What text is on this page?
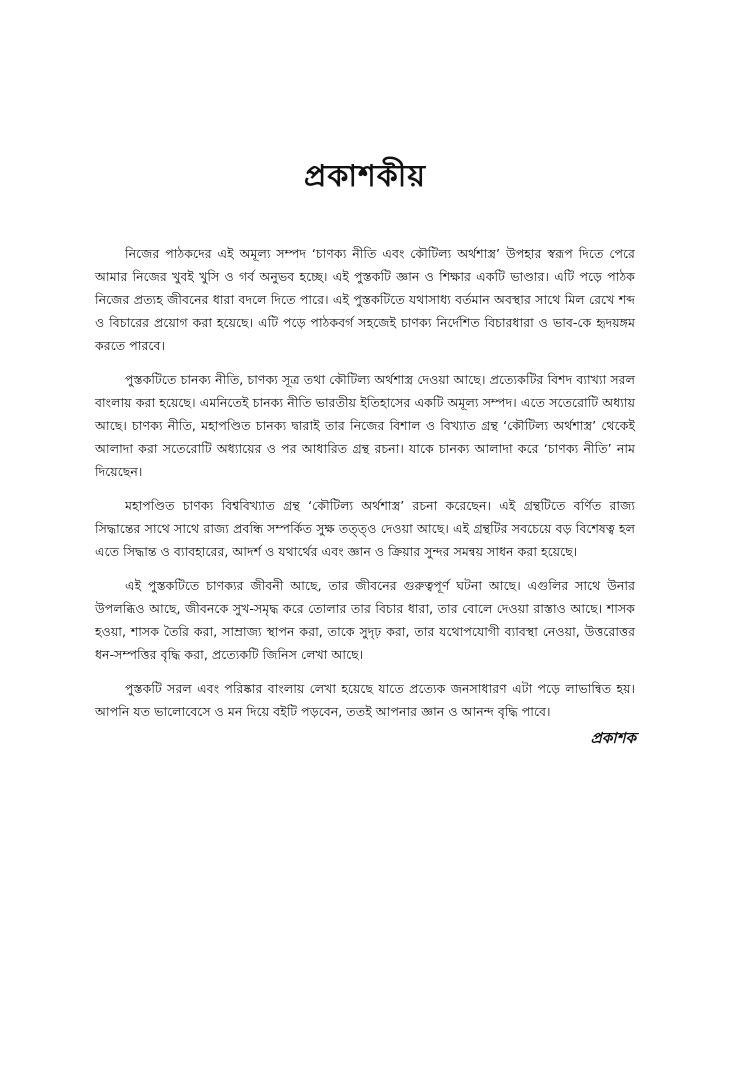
প্রকাশকীয়

নিজের পাঠকদের এই অমূল্য সম্পদ ‘চাণক্য নীতি এবং কৌটিল্য অর্থশাস্ত্র’ উপহার স্বরূপ দিতে পেরে আমার নিজের খুবই খুসি ও গর্ব অনুভব হচ্ছে। এই পুস্তকটি জ্ঞান ও শিক্ষার একটি ভাণ্ডার। এটি পড়ে পাঠক নিজের প্রত্যহ জীবনের ধারা বদলে দিতে পারে। এই পুস্তকটিতে যথাসাধ্য বর্তমান অবস্থার সাথে মিল রেখে শব্দ ও বিচারের প্রয়োগ করা হয়েছে। এটি পড়ে পাঠকবর্গ সহজেই চাণক্য নির্দেশিত বিচারধারা ও ভাব-কে হৃদয়ঙ্গম করতে পারবে।

পুস্তকটিতে চানক্য নীতি, চাণক্য সূত্র তথা কৌটিল্য অর্থশাস্ত্র দেওয়া আছে। প্রত্যেকটির বিশদ ব্যাখ্যা সরল বাংলায় করা হয়েছে। এমনিতেই চানক্য নীতি ভারতীয় ইতিহাসের একটি অমূল্য সম্পদ। এতে সতেরোটি অধ্যায় আছে। চাণক্য নীতি, মহাপণ্ডিত চানক্য দ্বারাই তার নিজের বিশাল ও বিখ্যাত গ্রন্থ ‘কৌটিল্য অর্থশাস্ত্র’ থেকেই আলাদা করা সতেরোটি অধ্যায়ের ও পর আধারিত গ্রন্থ রচনা। যাকে চানক্য আলাদা করে ‘চাণক্য নীতি’ নাম দিয়েছেন।

মহাপণ্ডিত চাণক্য বিশ্ববিখ্যাত গ্রন্থ ‘কৌটিল্য অর্থশাস্ত্র’ রচনা করেছেন। এই গ্রন্থটিতে বর্ণিত রাজ্য সিদ্ধান্তের সাথে সাথে রাজ্য প্রবন্ধি সম্পর্কিত সুক্ষ তত্ত্ও দেওয়া আছে। এই গ্রন্থটির সবচেয়ে বড় বিশেষত্ব হল এতে সিদ্ধান্ত ও ব্যাবহারের, আদর্শ ও যথার্থের এবং জ্ঞান ও ক্রিয়ার সুন্দর সমন্বয় সাধন করা হয়েছে।

এই পুস্তকটিতে চাণক্যর জীবনী আছে, তার জীবনের গুরুত্বপূর্ণ ঘটনা আছে। এগুলির সাথে উনার উপলব্ধিও আছে, জীবনকে সুখ-সমৃদ্ধ করে তোলার তার বিচার ধারা, তার বোলে দেওয়া রাস্তাও আছে। শাসক হওয়া, শাসক তৈরি করা, সাম্রাজ্য স্থাপন করা, তাকে সুদৃঢ় করা, তার যথোপযোগী ব্যাবস্থা নেওয়া, উত্তরোত্তর ধন-সম্পত্তির বৃদ্ধি করা, প্রত্যেকটি জিনিস লেখা আছে।

পুস্তকটি সরল এবং পরিষ্কার বাংলায় লেখা হয়েছে যাতে প্রত্যেক জনসাধারণ এটা পড়ে লাভান্বিত হয়। আপনি যত ভালোবেসে ও মন দিয়ে বইটি পড়বেন, ততই আপনার জ্ঞান ও আনন্দ বৃদ্ধি পাবে।

প্রকাশক
